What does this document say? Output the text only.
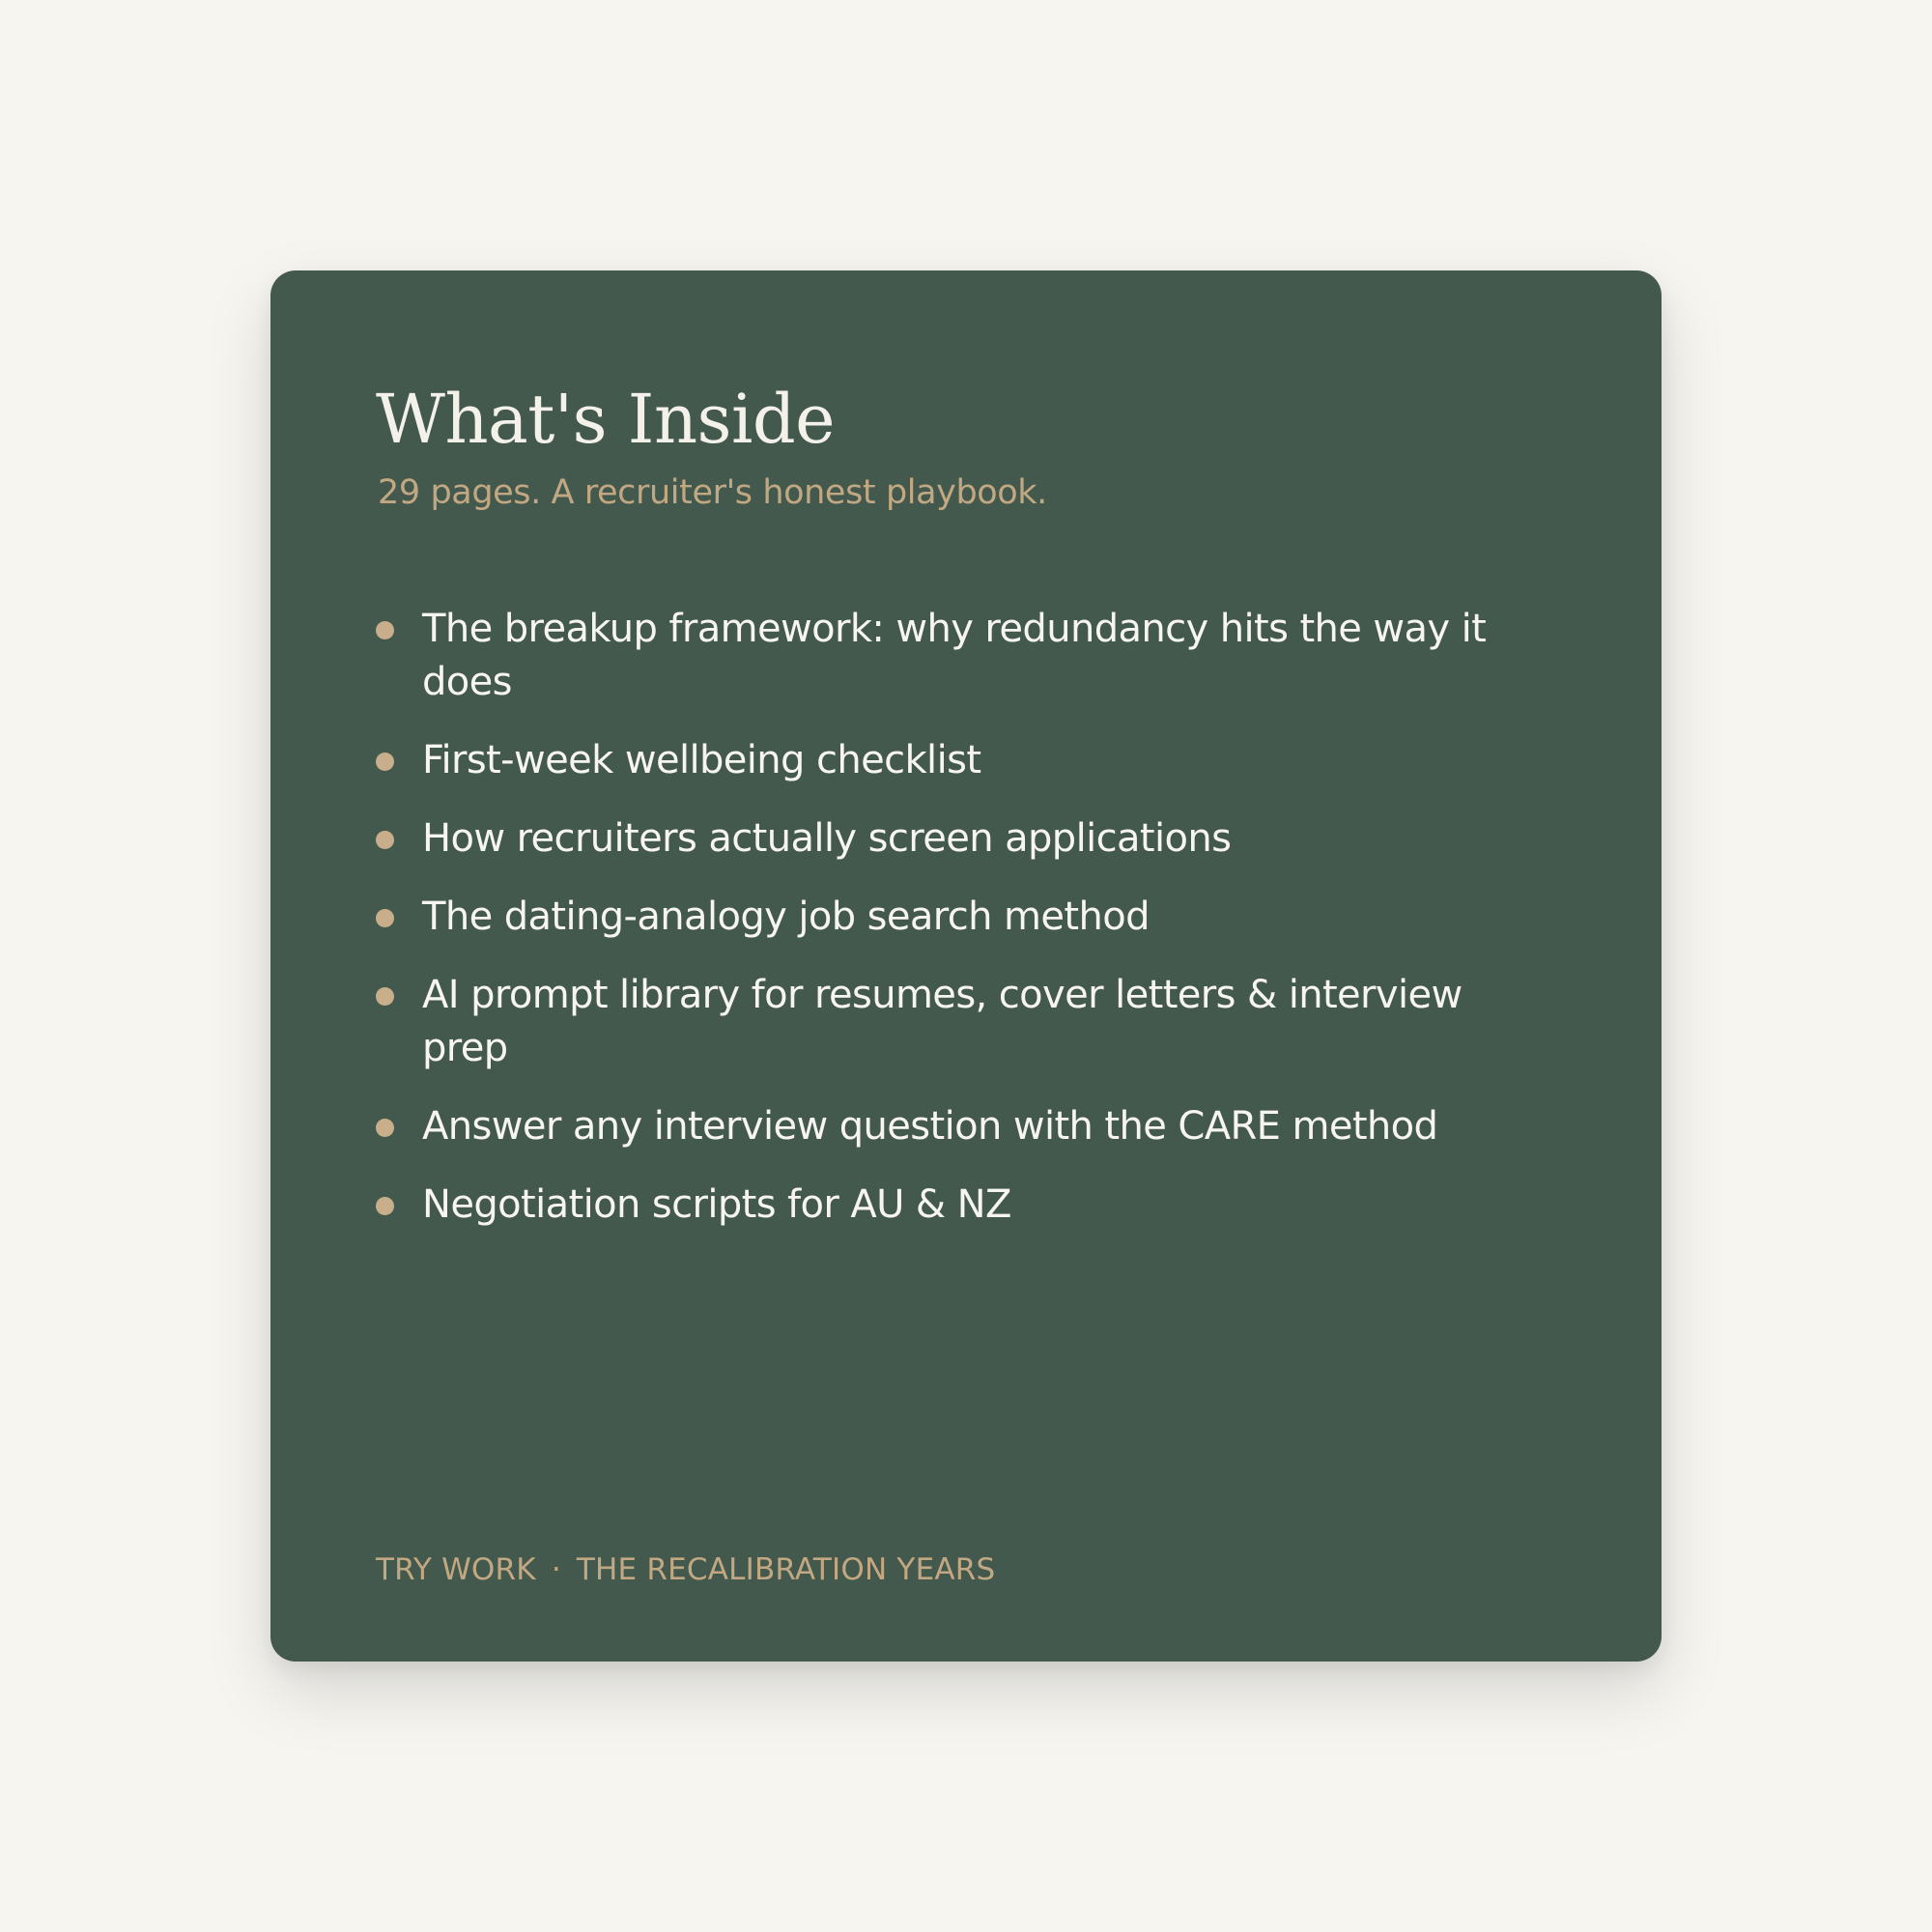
What's Inside
29 pages. A recruiter's honest playbook.
The breakup framework: why redundancy hits the way it does
First-week wellbeing checklist
How recruiters actually screen applications
The dating-analogy job search method
AI prompt library for resumes, cover letters & interview prep
Answer any interview question with the CARE method
Negotiation scripts for AU & NZ
TRY WORK · THE RECALIBRATION YEARS
